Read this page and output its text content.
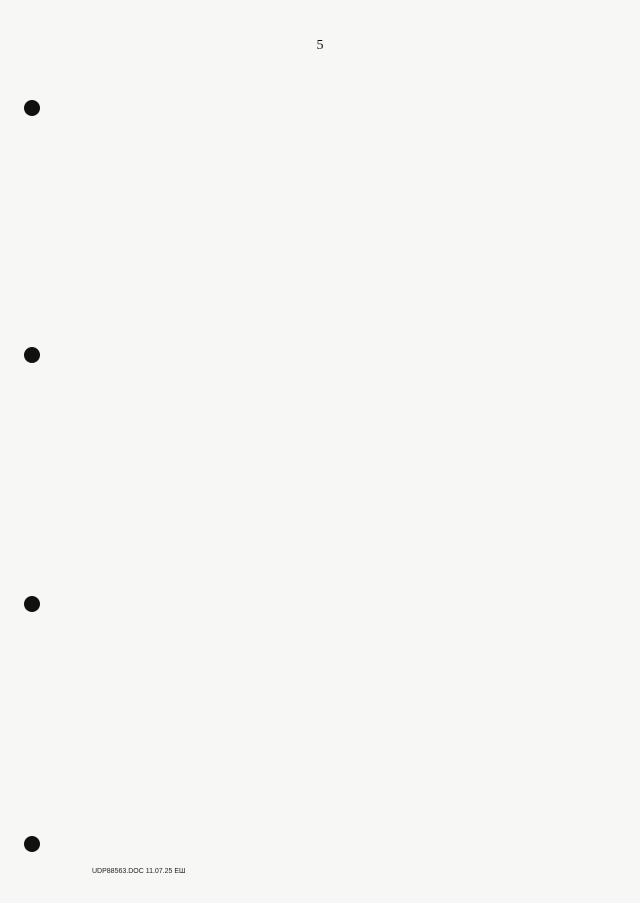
5
UDP88563.DOC 11.07.25 EШ
